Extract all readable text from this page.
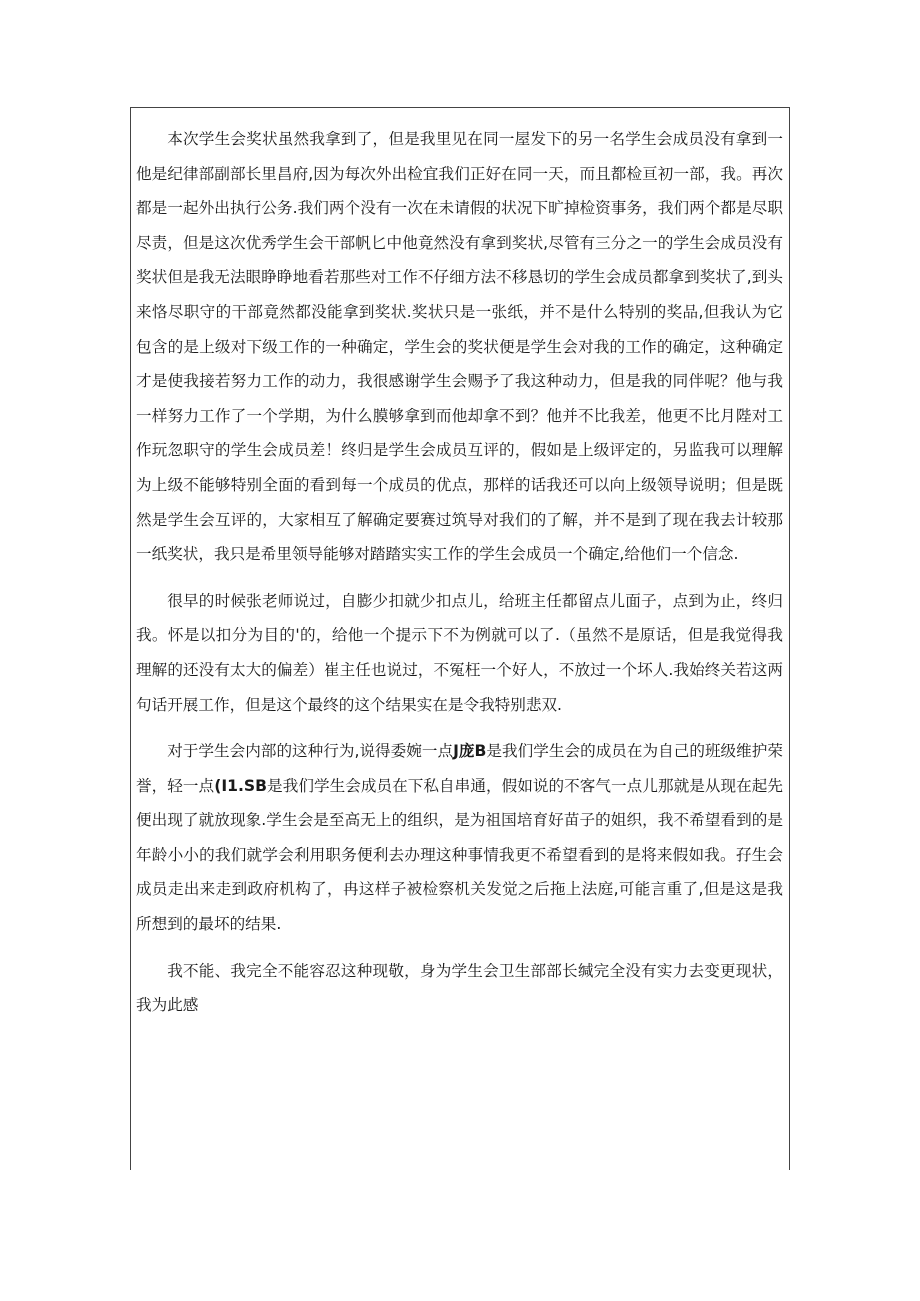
本次学生会奖状虽然我拿到了，但是我里见在同一屋发下的另一名学生会成员没有拿到一他是纪律部副部长里昌府,因为每次外出检宜我们正好在同一天，而且都检亘初一部，我。再次都是一起外出执行公务.我们两个没有一次在未请假的状况下旷掉检资事务，我们两个都是尽职尽责，但是这次优秀学生会干部帆匕中他竟然没有拿到奖状,尽管有三分之一的学生会成员没有奖状但是我无法眼睁睁地看若那些对工作不仔细方法不移恳切的学生会成员都拿到奖状了,到头来恪尽职守的干部竟然都没能拿到奖状.奖状只是一张纸，并不是什么特别的奖品,但我认为它包含的是上级对下级工作的一种确定，学生会的奖状便是学生会对我的工作的确定，这种确定才是使我接若努力工作的动力，我很感谢学生会赐予了我这种动力，但是我的同伴呢？他与我一样努力工作了一个学期，为什么膜够拿到而他却拿不到？他并不比我差，他更不比月陛对工作玩忽职守的学生会成员差！终归是学生会成员互评的，假如是上级评定的，另监我可以理解为上级不能够特别全面的看到每一个成员的优点，那样的话我还可以向上级领导说明；但是既然是学生会互评的，大家相互了解确定要赛过筑导对我们的了解，并不是到了现在我去计较那一纸奖状，我只是希里领导能够对踏踏实实工作的学生会成员一个确定,给他们一个信念.

很早的时候张老师说过，自膨少扣就少扣点儿，给班主任都留点儿面子，点到为止，终归我。怀是以扣分为目的'的，给他一个提示下不为例就可以了.（虽然不是原话，但是我觉得我理解的还没有太大的偏差）崔主任也说过，不冤枉一个好人，不放过一个坏人.我始终关若这两句话开展工作，但是这个最终的这个结果实在是令我特别悲双.

对于学生会内部的这种行为,说得委婉一点J庞B是我们学生会的成员在为自己的班级维护荣誉，轻一点(I1.SB是我们学生会成员在下私自串通，假如说的不客气一点儿那就是从现在起先便出现了就放现象.学生会是至高无上的组织，是为祖国培育好苗子的姐织，我不希望看到的是年龄小小的我们就学会利用职务便利去办理这种事情我更不希望看到的是将来假如我。孖生会成员走出来走到政府机构了，冉这样子被检察机关发觉之后拖上法庭,可能言重了,但是这是我所想到的最坏的结果.

我不能、我完全不能容忍这种现敬，身为学生会卫生部部长缄完全没有实力去变更现状，我为此感
